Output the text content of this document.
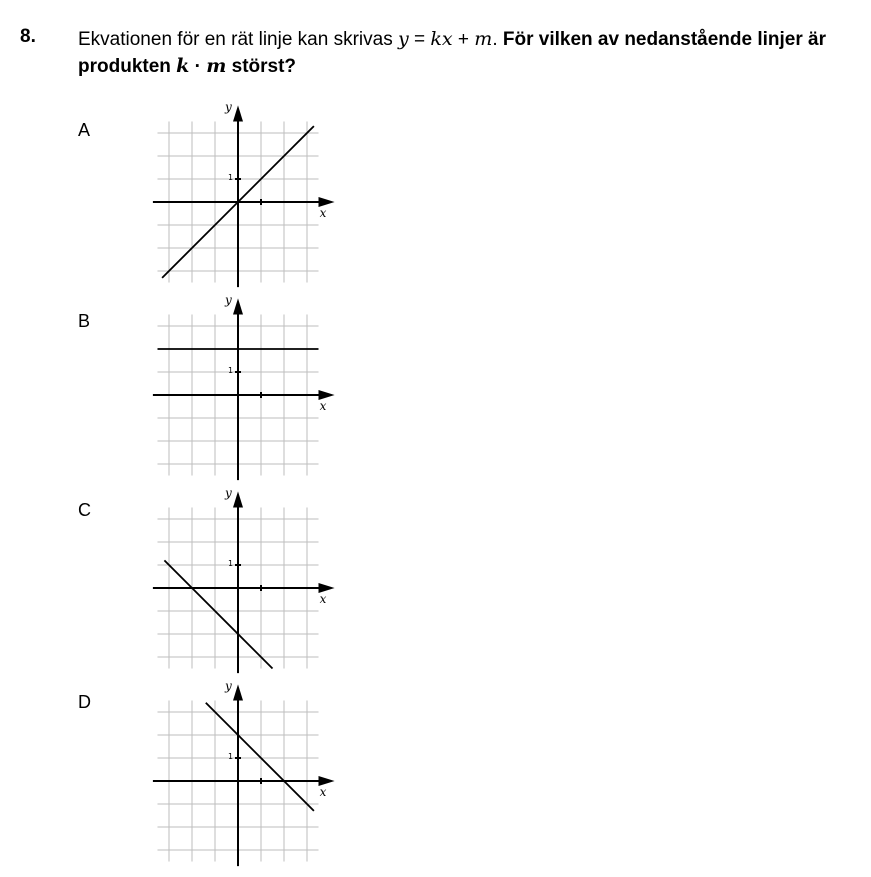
8. Ekvationen för en rät linje kan skrivas y = kx + m. För vilken av nedanstående linjer är produkten k · m störst?
A
x
y
1
B
x
y
1
C
x
y
1
D
x
y
1
